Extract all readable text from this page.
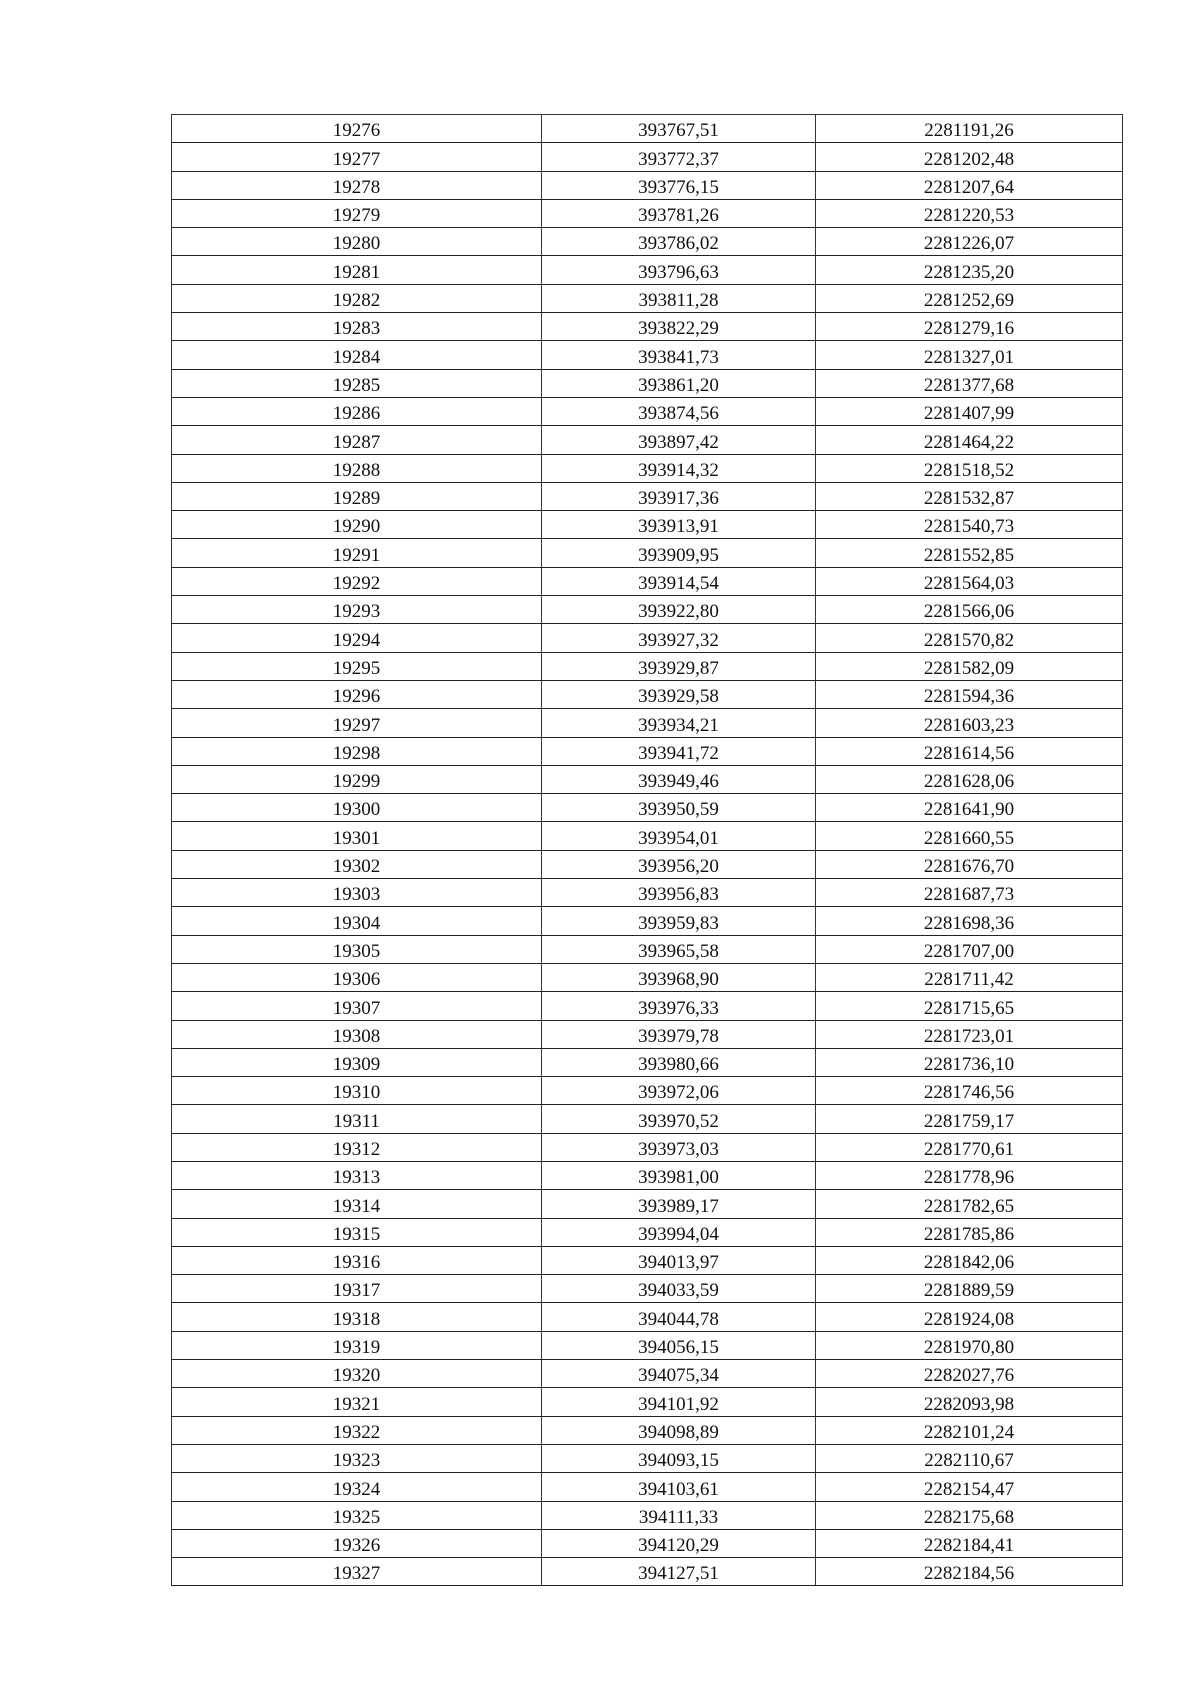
19276	393767,51	2281191,26
19277	393772,37	2281202,48
19278	393776,15	2281207,64
19279	393781,26	2281220,53
19280	393786,02	2281226,07
19281	393796,63	2281235,20
19282	393811,28	2281252,69
19283	393822,29	2281279,16
19284	393841,73	2281327,01
19285	393861,20	2281377,68
19286	393874,56	2281407,99
19287	393897,42	2281464,22
19288	393914,32	2281518,52
19289	393917,36	2281532,87
19290	393913,91	2281540,73
19291	393909,95	2281552,85
19292	393914,54	2281564,03
19293	393922,80	2281566,06
19294	393927,32	2281570,82
19295	393929,87	2281582,09
19296	393929,58	2281594,36
19297	393934,21	2281603,23
19298	393941,72	2281614,56
19299	393949,46	2281628,06
19300	393950,59	2281641,90
19301	393954,01	2281660,55
19302	393956,20	2281676,70
19303	393956,83	2281687,73
19304	393959,83	2281698,36
19305	393965,58	2281707,00
19306	393968,90	2281711,42
19307	393976,33	2281715,65
19308	393979,78	2281723,01
19309	393980,66	2281736,10
19310	393972,06	2281746,56
19311	393970,52	2281759,17
19312	393973,03	2281770,61
19313	393981,00	2281778,96
19314	393989,17	2281782,65
19315	393994,04	2281785,86
19316	394013,97	2281842,06
19317	394033,59	2281889,59
19318	394044,78	2281924,08
19319	394056,15	2281970,80
19320	394075,34	2282027,76
19321	394101,92	2282093,98
19322	394098,89	2282101,24
19323	394093,15	2282110,67
19324	394103,61	2282154,47
19325	394111,33	2282175,68
19326	394120,29	2282184,41
19327	394127,51	2282184,56
